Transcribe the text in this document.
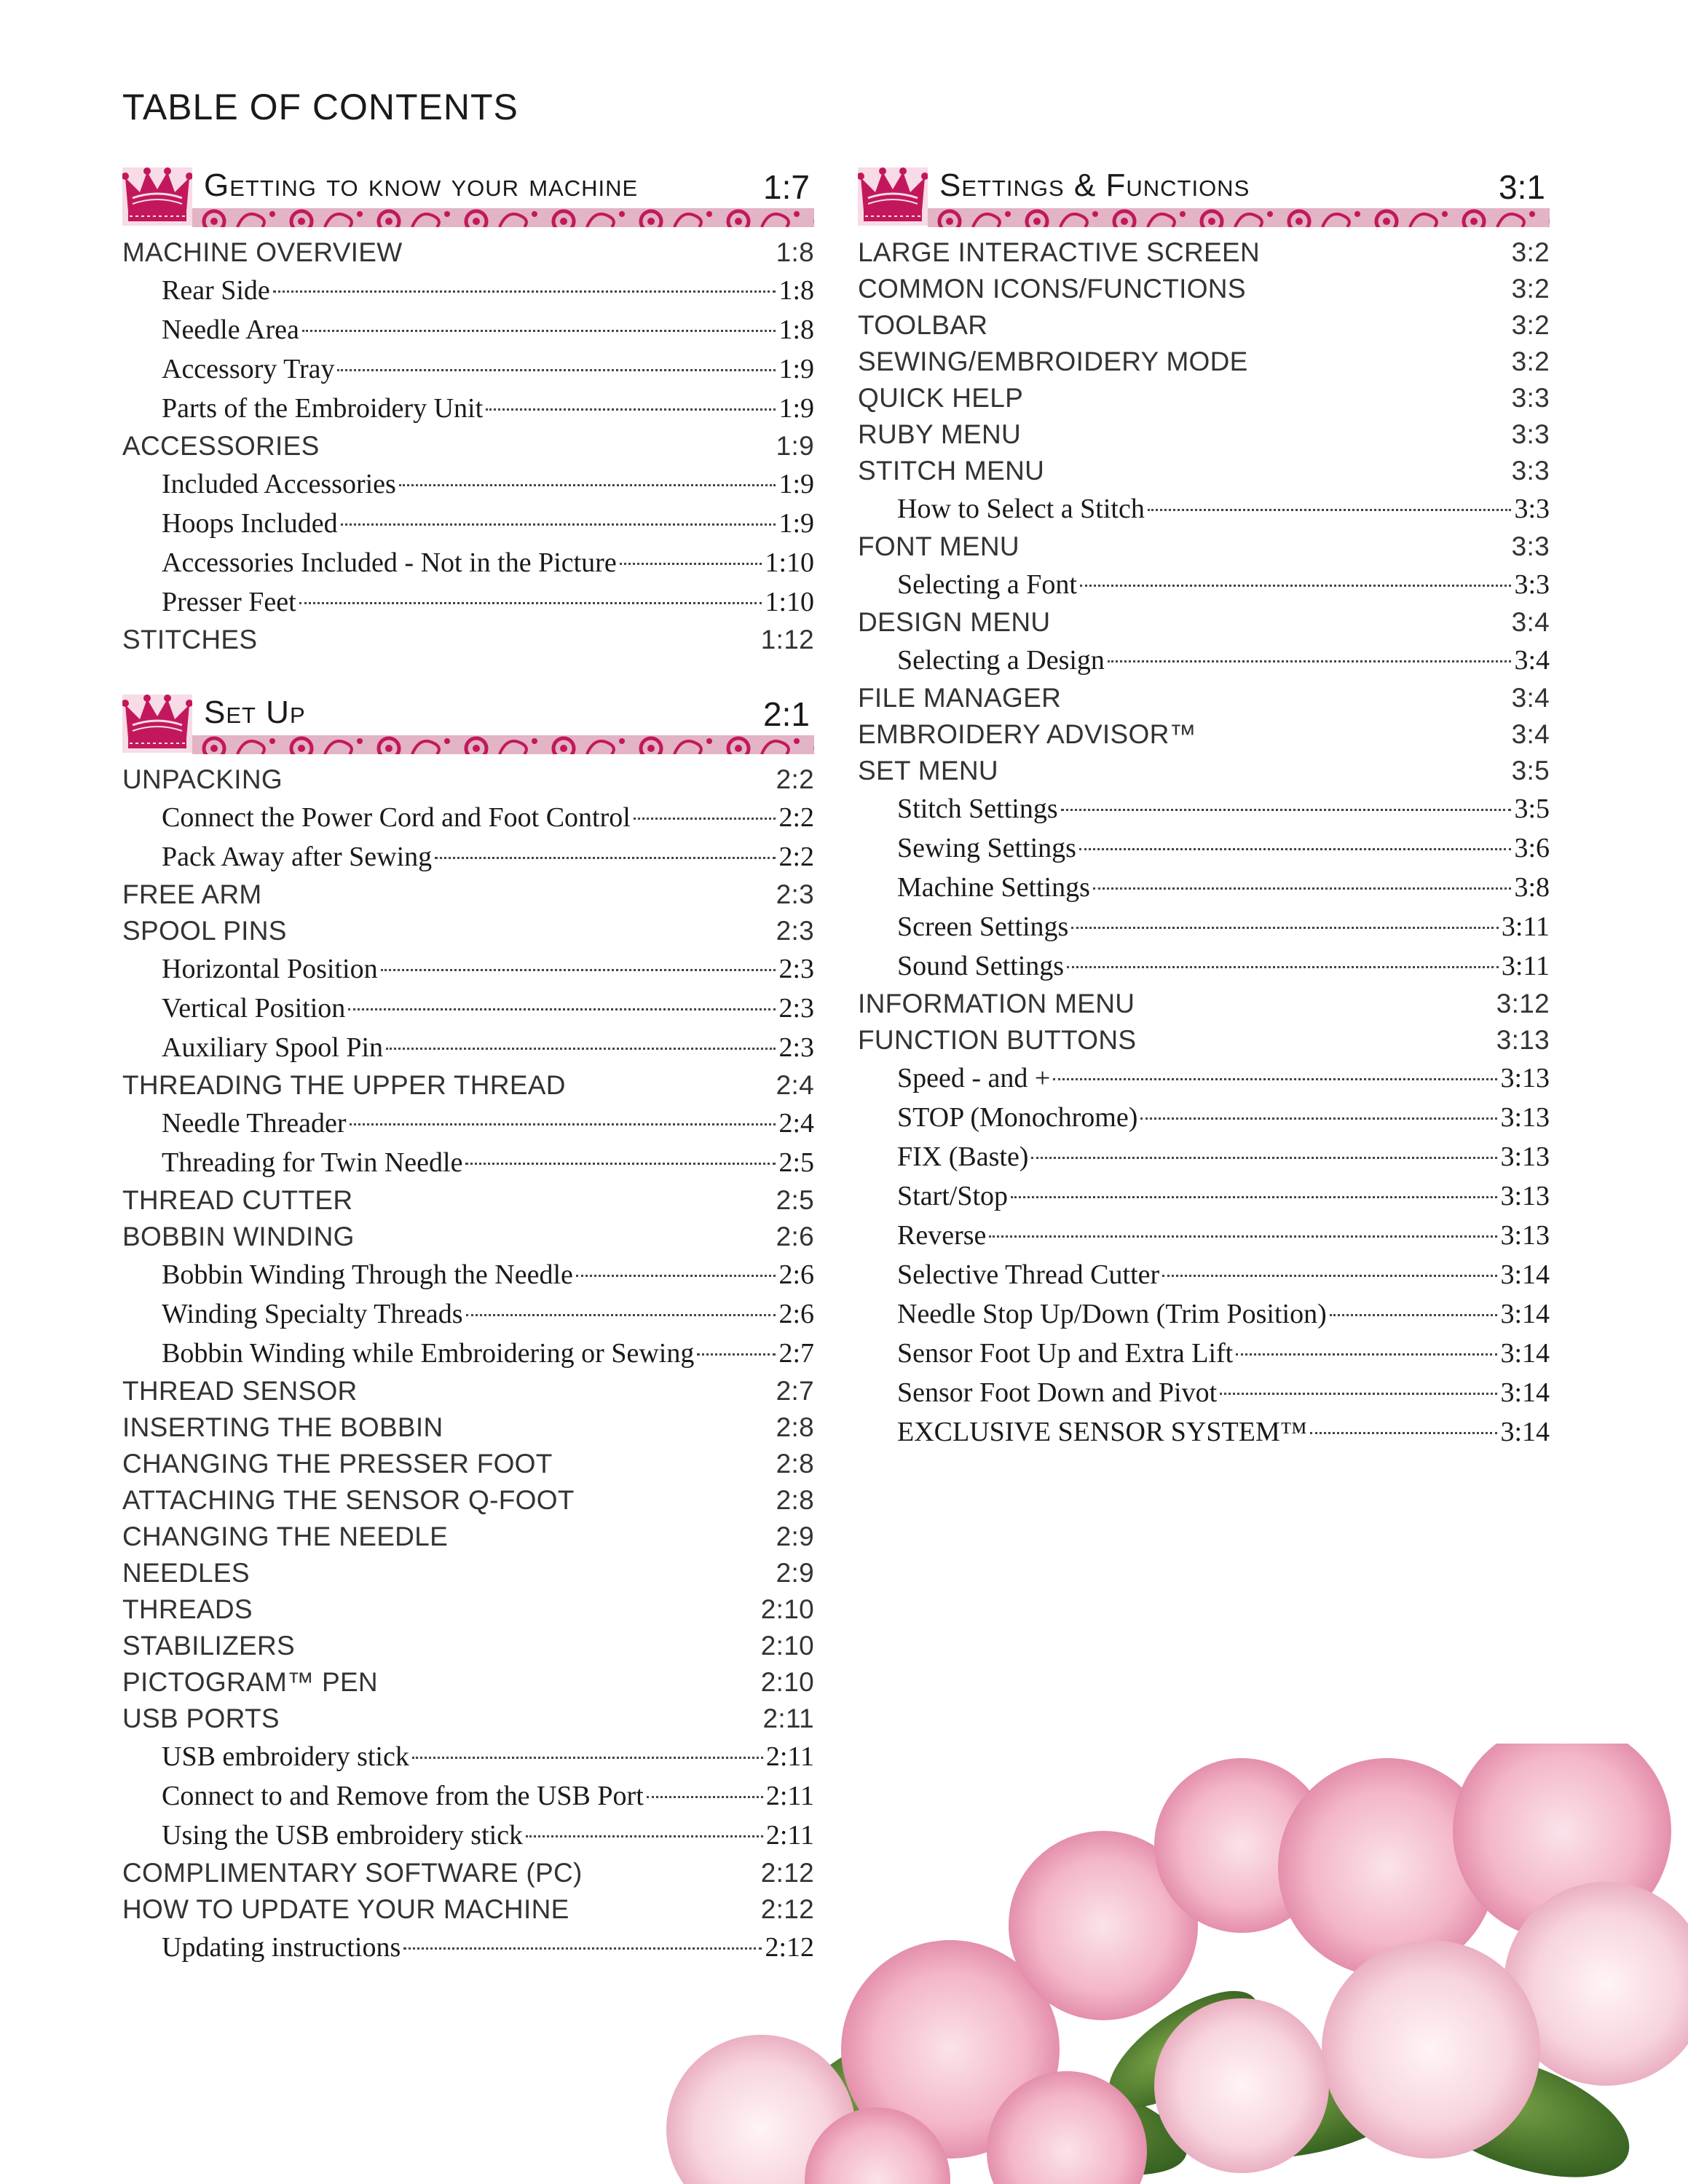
TABLE OF CONTENTS
Getting to know your machine	1:7
MACHINE OVERVIEW	1:8
Rear Side	1:8
Needle Area	1:8
Accessory Tray	1:9
Parts of the Embroidery Unit	1:9
ACCESSORIES	1:9
Included Accessories	1:9
Hoops Included	1:9
Accessories Included - Not in the Picture	1:10
Presser Feet	1:10
STITCHES	1:12
Set Up	2:1
UNPACKING	2:2
Connect the Power Cord and Foot Control	2:2
Pack Away after Sewing	2:2
FREE ARM	2:3
SPOOL PINS	2:3
Horizontal Position	2:3
Vertical Position	2:3
Auxiliary Spool Pin	2:3
THREADING THE UPPER THREAD	2:4
Needle Threader	2:4
Threading for Twin Needle	2:5
THREAD CUTTER	2:5
BOBBIN WINDING	2:6
Bobbin Winding Through the Needle	2:6
Winding Specialty Threads	2:6
Bobbin Winding while Embroidering or Sewing	2:7
THREAD SENSOR	2:7
INSERTING THE BOBBIN	2:8
CHANGING THE PRESSER FOOT	2:8
ATTACHING THE SENSOR Q-FOOT	2:8
CHANGING THE NEEDLE	2:9
NEEDLES	2:9
THREADS	2:10
STABILIZERS	2:10
PICTOGRAM™ PEN	2:10
USB PORTS	2:11
USB embroidery stick	2:11
Connect to and Remove from the USB Port	2:11
Using the USB embroidery stick	2:11
COMPLIMENTARY SOFTWARE (PC)	2:12
HOW TO UPDATE YOUR MACHINE	2:12
Updating instructions	2:12
Settings & Functions	3:1
LARGE INTERACTIVE SCREEN	3:2
COMMON ICONS/FUNCTIONS	3:2
TOOLBAR	3:2
SEWING/EMBROIDERY MODE	3:2
QUICK HELP	3:3
RUBY MENU	3:3
STITCH MENU	3:3
How to Select a Stitch	3:3
FONT MENU	3:3
Selecting a Font	3:3
DESIGN MENU	3:4
Selecting a Design	3:4
FILE MANAGER	3:4
EMBROIDERY ADVISOR™	3:4
SET MENU	3:5
Stitch Settings	3:5
Sewing Settings	3:6
Machine Settings	3:8
Screen Settings	3:11
Sound Settings	3:11
INFORMATION MENU	3:12
FUNCTION BUTTONS	3:13
Speed - and +	3:13
STOP (Monochrome)	3:13
FIX (Baste)	3:13
Start/Stop	3:13
Reverse	3:13
Selective Thread Cutter	3:14
Needle Stop Up/Down (Trim Position)	3:14
Sensor Foot Up and Extra Lift	3:14
Sensor Foot Down and Pivot	3:14
EXCLUSIVE SENSOR SYSTEM™	3:14
